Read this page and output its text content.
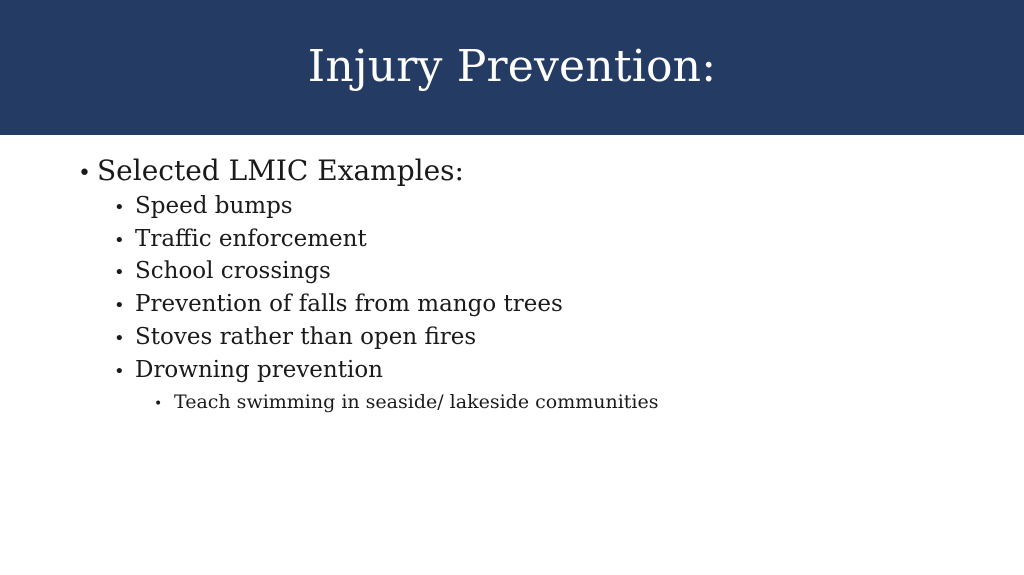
Injury Prevention:
• Selected LMIC Examples:
• Speed bumps
• Traffic enforcement
• School crossings
• Prevention of falls from mango trees
• Stoves rather than open fires
• Drowning prevention
• Teach swimming in seaside/ lakeside communities
